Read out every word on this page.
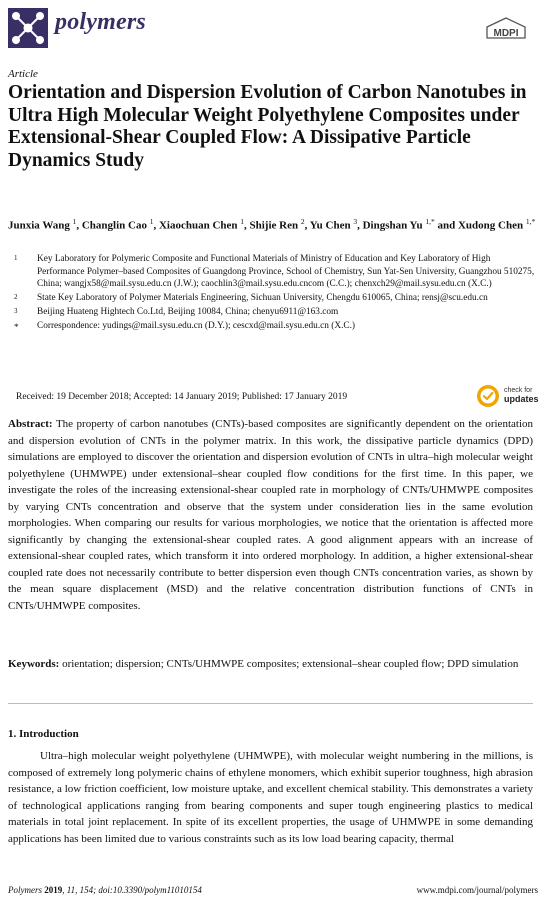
polymers	MDPI
Article
Orientation and Dispersion Evolution of Carbon Nanotubes in Ultra High Molecular Weight Polyethylene Composites under Extensional-Shear Coupled Flow: A Dissipative Particle Dynamics Study
Junxia Wang $^1$, Changlin Cao $^1$, Xiaochuan Chen $^1$, Shijie Ren $^2$, Yu Chen $^3$, Dingshan Yu $^{1,*}$ and Xudong Chen $^{1,*}$
1 Key Laboratory for Polymeric Composite and Functional Materials of Ministry of Education and Key Laboratory of High Performance Polymer–based Composites of Guangdong Province, School of Chemistry, Sun Yat-Sen University, Guangzhou 510275, China; wangjx58@mail.sysu.edu.cn (J.W.); caochlin3@mail.sysu.edu.cncom (C.C.); chenxch29@mail.sysu.edu.cn (X.C.)
2 State Key Laboratory of Polymer Materials Engineering, Sichuan University, Chengdu 610065, China; rensj@scu.edu.cn
3 Beijing Huateng Hightech Co.Ltd, Beijing 10084, China; chenyu6911@163.com
* Correspondence: yudings@mail.sysu.edu.cn (D.Y.); cescxd@mail.sysu.edu.cn (X.C.)
Received: 19 December 2018; Accepted: 14 January 2019; Published: 17 January 2019
check for
updates

Abstract: The property of carbon nanotubes (CNTs)-based composites are significantly dependent on the orientation and dispersion evolution of CNTs in the polymer matrix. In this work, the dissipative particle dynamics (DPD) simulations are employed to discover the orientation and dispersion evolution of CNTs in ultra–high molecular weight polyethylene (UHMWPE) under extensional–shear coupled flow conditions for the first time. In this paper, we investigate the roles of the increasing extensional-shear coupled rate in morphology of CNTs/UHMWPE composites by varying CNTs concentration and observe that the system under consideration lies in the same evolution morphologies. When comparing our results for various morphologies, we notice that the orientation is affected more significantly by changing the extensional-shear coupled rates. A good alignment appears with an increase of extensional-shear coupled rates, which transform it into ordered morphology. In addition, a higher extensional-shear coupled rate does not necessarily contribute to better dispersion even though CNTs concentration varies, as shown by the mean square displacement (MSD) and the relative concentration distribution functions of CNTs in CNTs/UHMWPE composites.

Keywords: orientation; dispersion; CNTs/UHMWPE composites; extensional–shear coupled flow; DPD simulation

1. Introduction

Ultra–high molecular weight polyethylene (UHMWPE), with molecular weight numbering in the millions, is composed of extremely long polymeric chains of ethylene monomers, which exhibit superior toughness, high abrasion resistance, a low friction coefficient, low moisture uptake, and excellent chemical stability. This demonstrates a variety of technological applications ranging from bearing components and super tough engineering plastics to medical materials in total joint replacement. In spite of its excellent properties, the usage of UHMWPE in some demanding applications has been limited due to various constraints such as its low load bearing capacity, thermal

Polymers 2019, 11, 154; doi:10.3390/polym11010154	www.mdpi.com/journal/polymers
